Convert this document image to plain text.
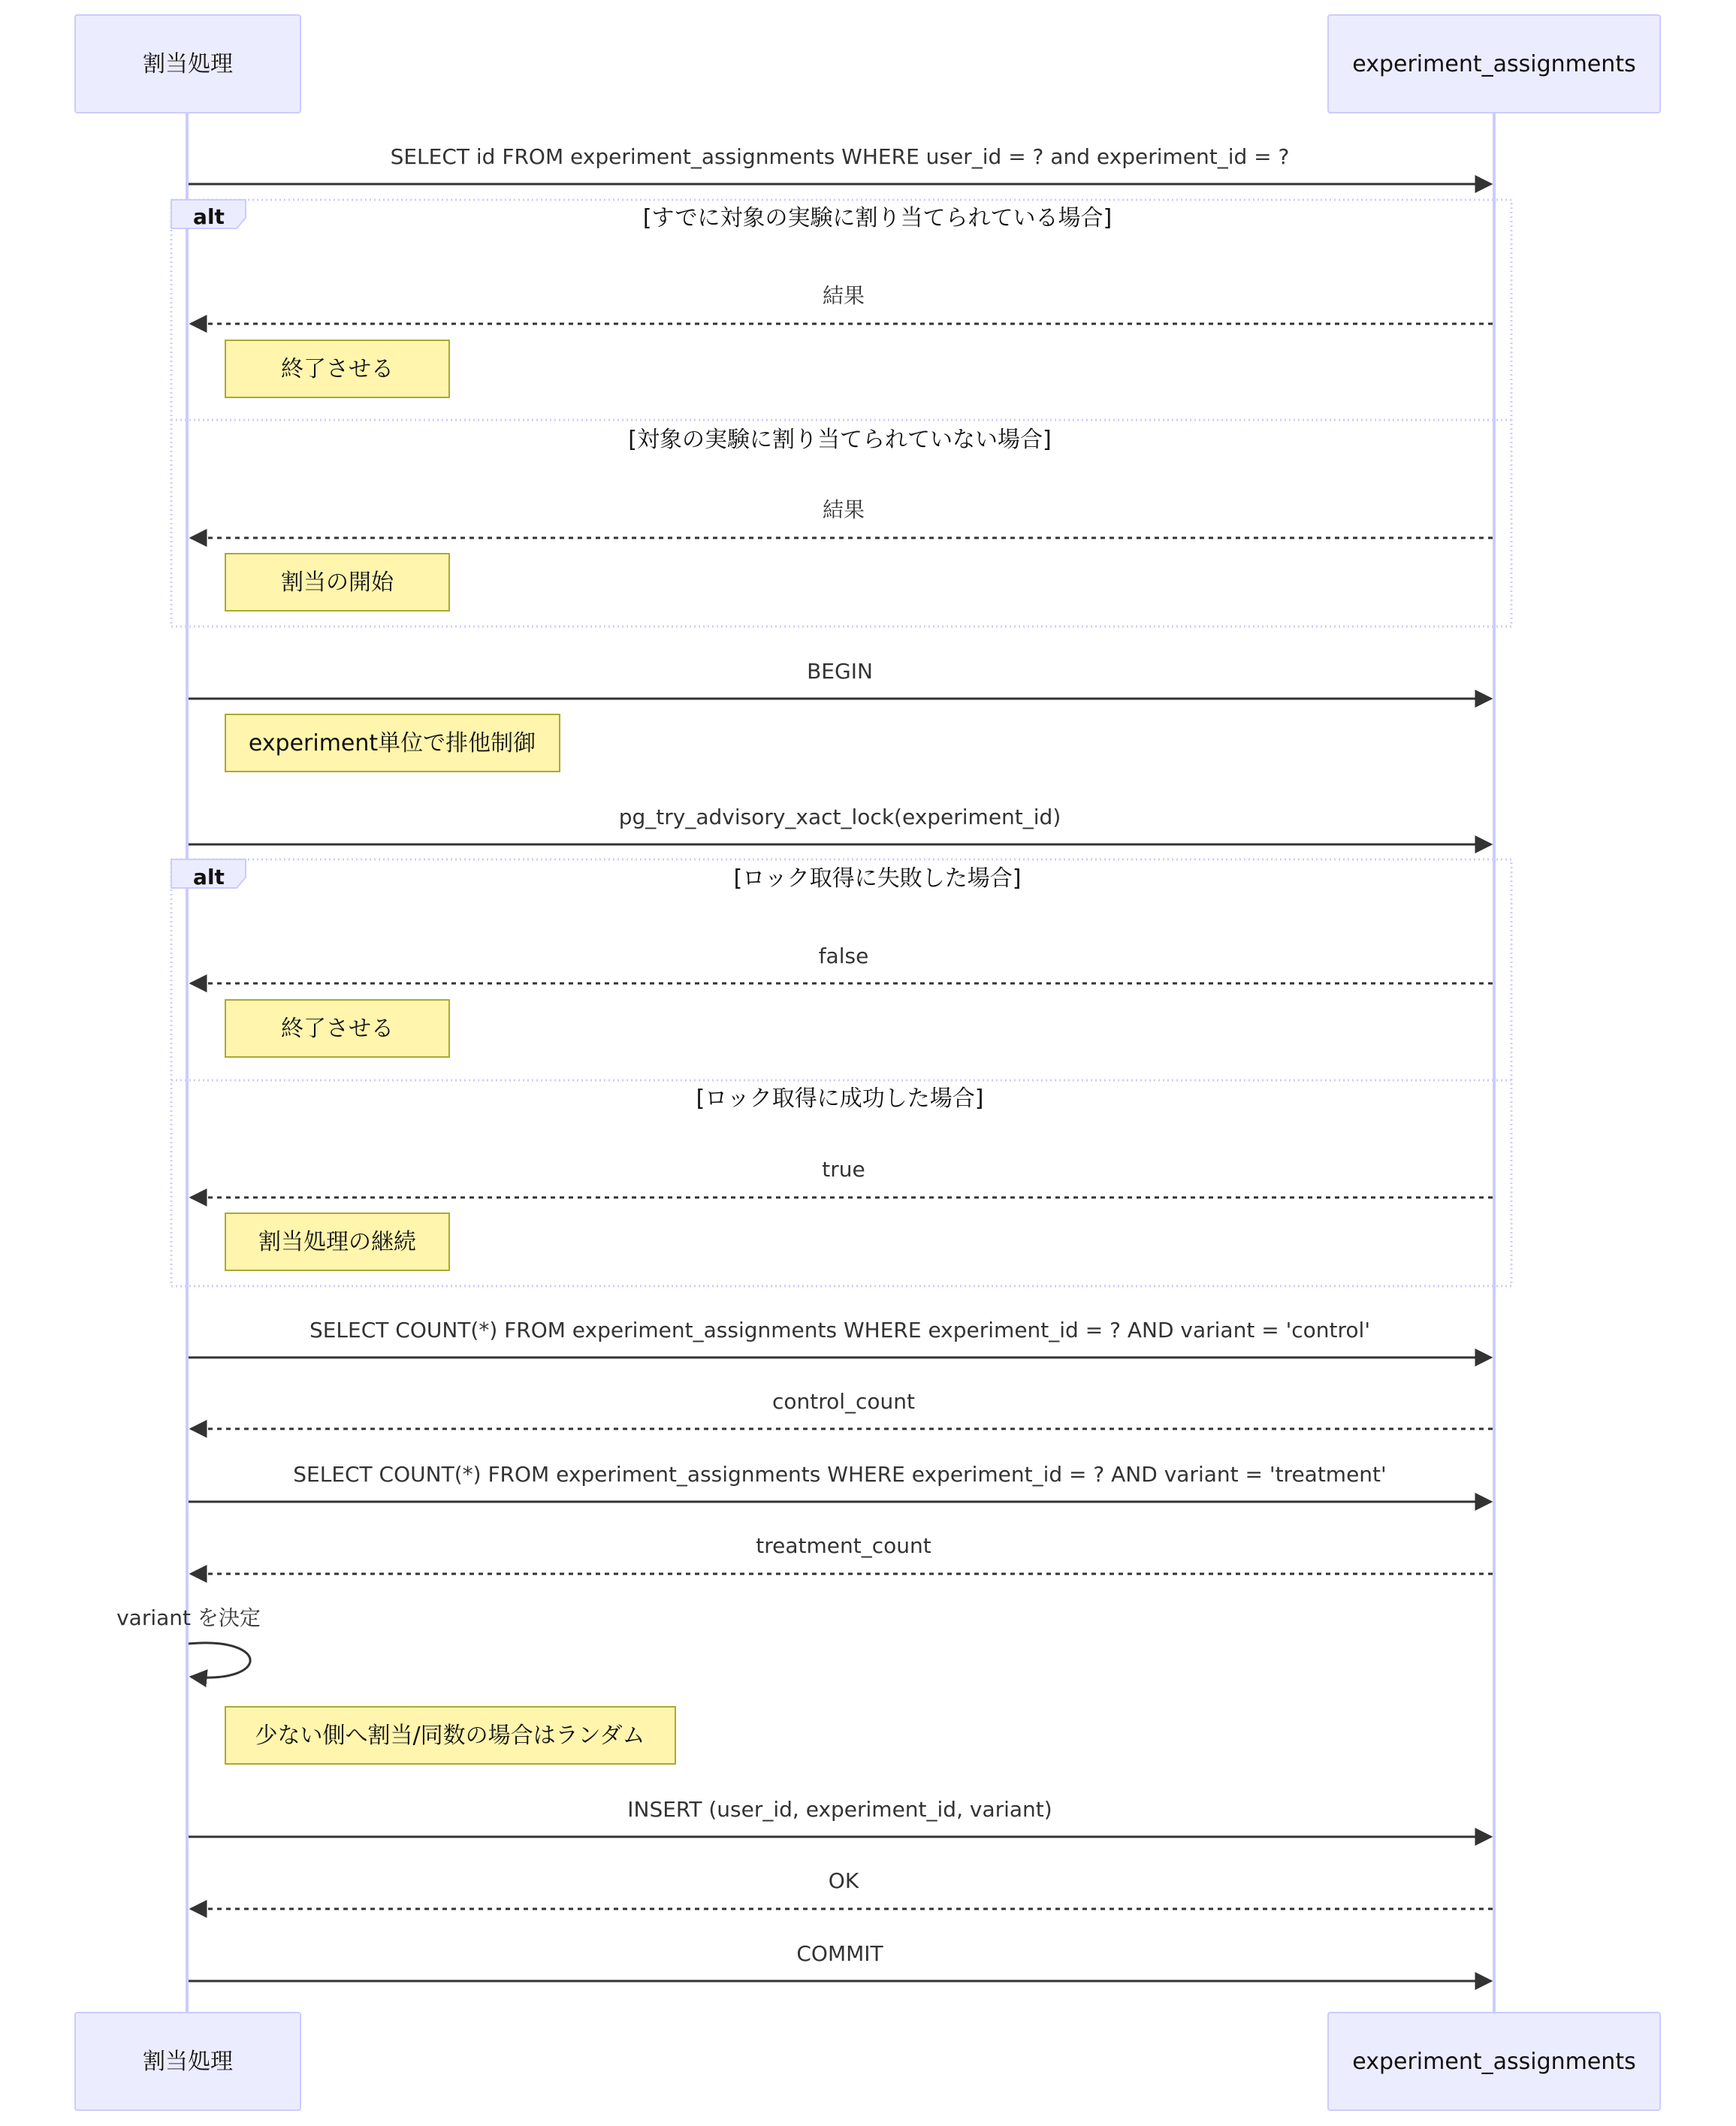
割当処理	experiment_assignments
SELECT id FROM experiment_assignments WHERE user_id = ? and experiment_id = ?
alt	[すでに対象の実験に割り当てられている場合]
[対象の実験に割り当てられていない場合]
結果
終了させる
結果
割当の開始
BEGIN
experiment単位で排他制御
pg_try_advisory_xact_lock(experiment_id)
alt	[ロック取得に失敗した場合]
[ロック取得に成功した場合]
false
終了させる
true
割当処理の継続
SELECT COUNT(*) FROM experiment_assignments WHERE experiment_id = ? AND variant = 'control'
control_count
SELECT COUNT(*) FROM experiment_assignments WHERE experiment_id = ? AND variant = 'treatment'
treatment_count
variant を決定
少ない側へ割当/同数の場合はランダム
INSERT (user_id, experiment_id, variant)
OK
COMMIT
割当処理	experiment_assignments
